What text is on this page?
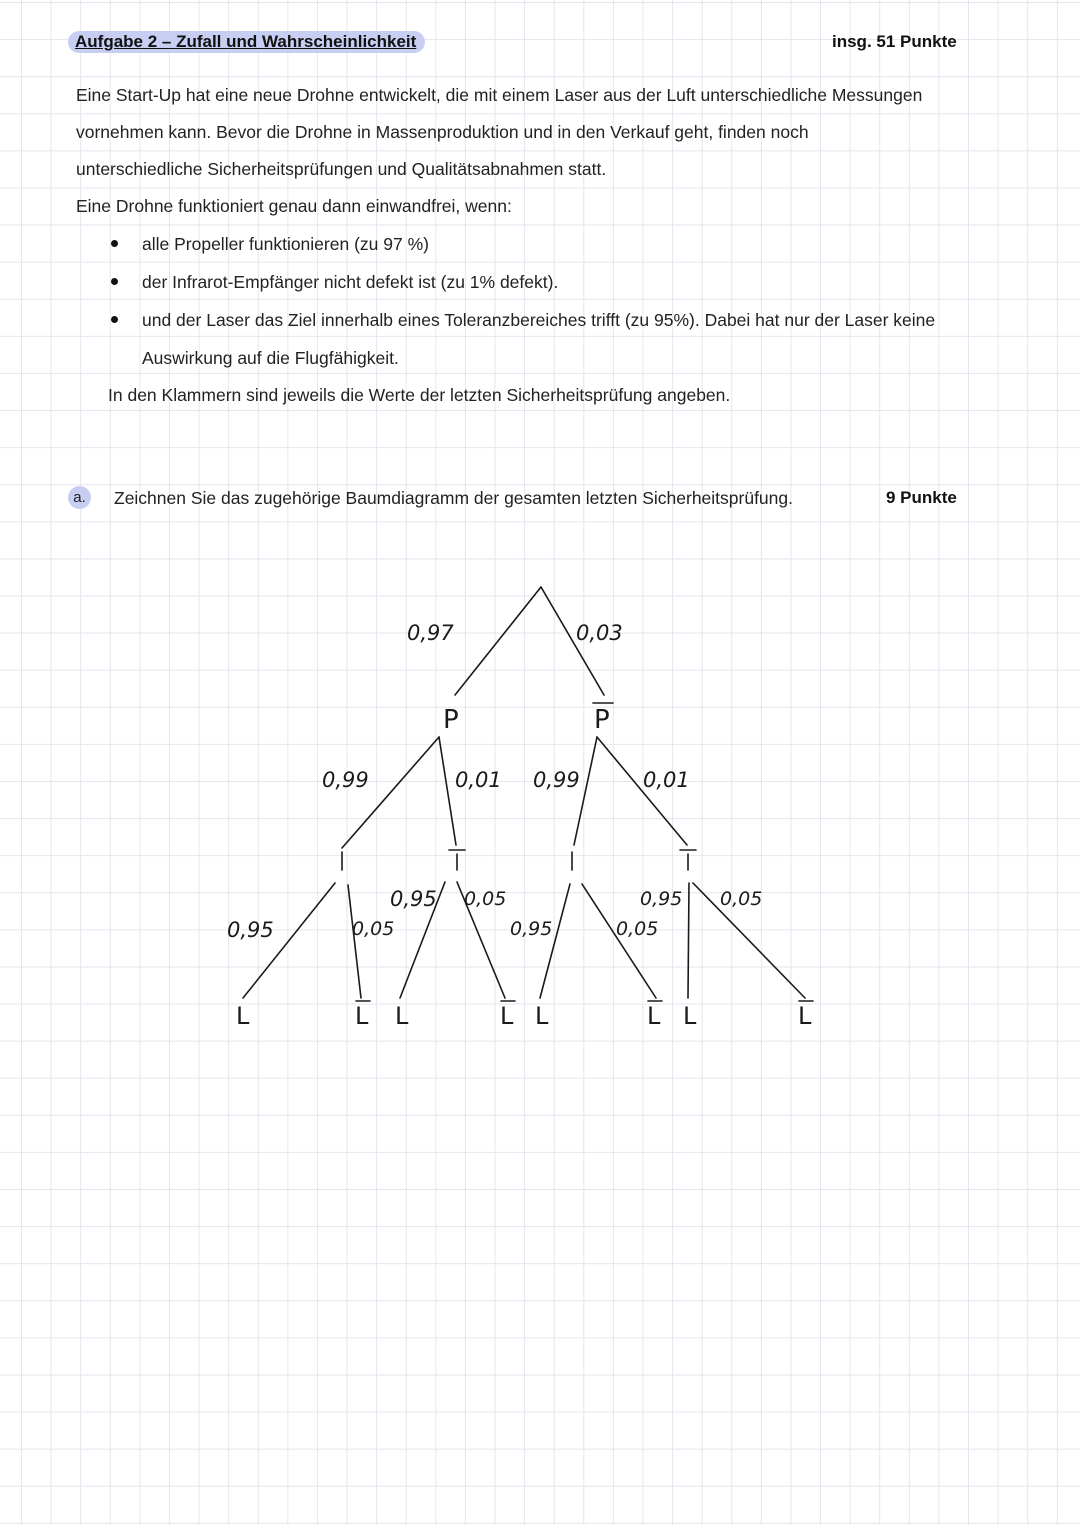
Aufgabe 2 – Zufall und Wahrscheinlichkeit	insg. 51 Punkte

Eine Start-Up hat eine neue Drohne entwickelt, die mit einem Laser aus der Luft unterschiedliche Messungen

vornehmen kann. Bevor die Drohne in Massenproduktion und in den Verkauf geht, finden noch

unterschiedliche Sicherheitsprüfungen und Qualitätsabnahmen statt.

Eine Drohne funktioniert genau dann einwandfrei, wenn:

alle Propeller funktionieren (zu 97 %)

der Infrarot-Empfänger nicht defekt ist (zu 1% defekt).

und der Laser das Ziel innerhalb eines Toleranzbereiches trifft (zu 95%). Dabei hat nur der Laser keine

Auswirkung auf die Flugfähigkeit.

In den Klammern sind jeweils die Werte der letzten Sicherheitsprüfung angeben.

a.	Zeichnen Sie das zugehörige Baumdiagramm der gesamten letzten Sicherheitsprüfung.	9 Punkte
0,97	0,03
P	P
0,99	0,01 0,99	0,01
0,95	0,05
0,95 0,05
0,95	0,05
0,95 0,05
L	L L	L L	L L	L
